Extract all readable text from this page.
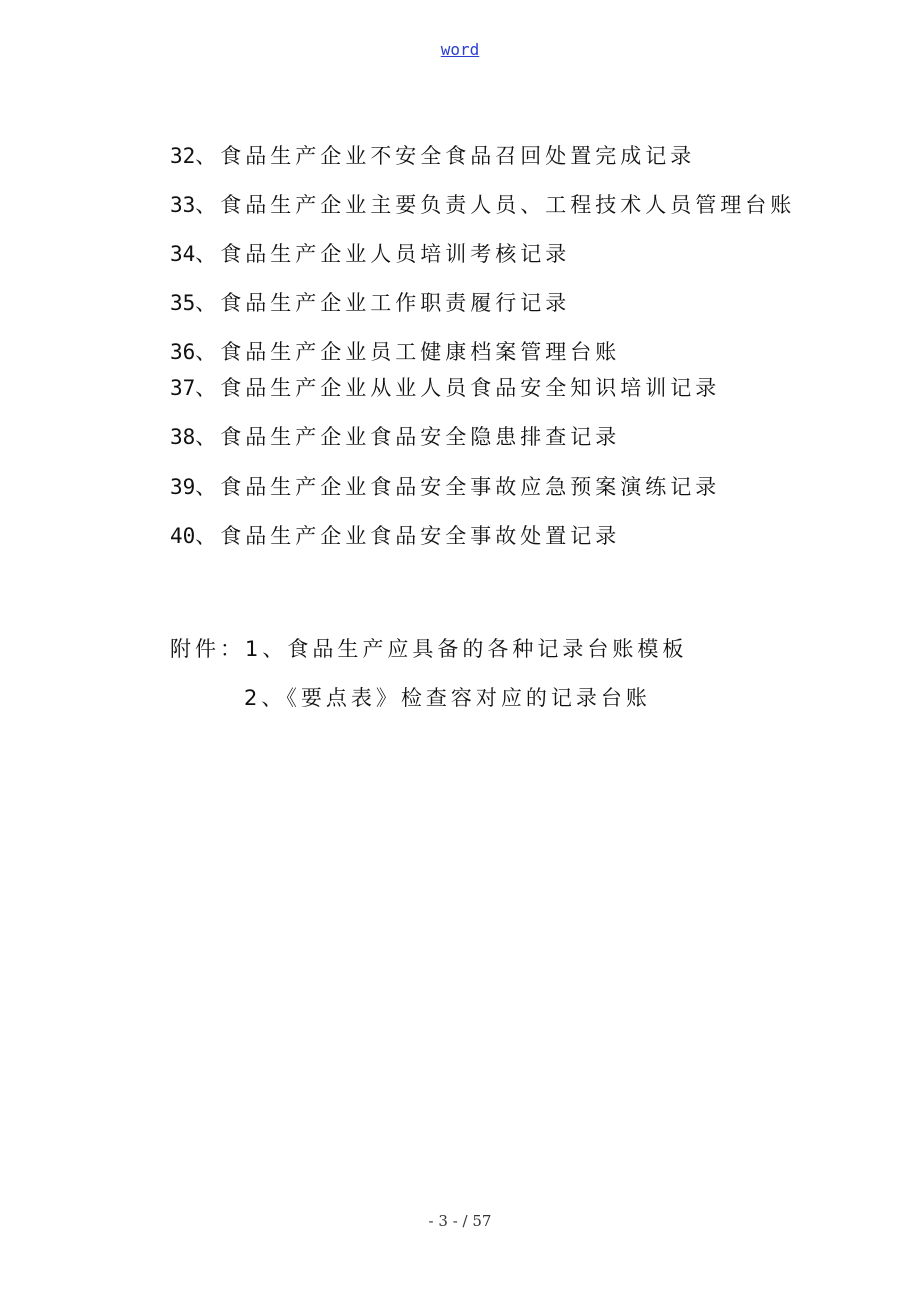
word
32、食品生产企业不安全食品召回处置完成记录
33、食品生产企业主要负责人员、工程技术人员管理台账
34、食品生产企业人员培训考核记录
35、食品生产企业工作职责履行记录
36、食品生产企业员工健康档案管理台账
37、食品生产企业从业人员食品安全知识培训记录
38、食品生产企业食品安全隐患排查记录
39、食品生产企业食品安全事故应急预案演练记录
40、食品生产企业食品安全事故处置记录
附件：1、食品生产应具备的各种记录台账模板
2、《要点表》检查容对应的记录台账
- 3 - / 57
